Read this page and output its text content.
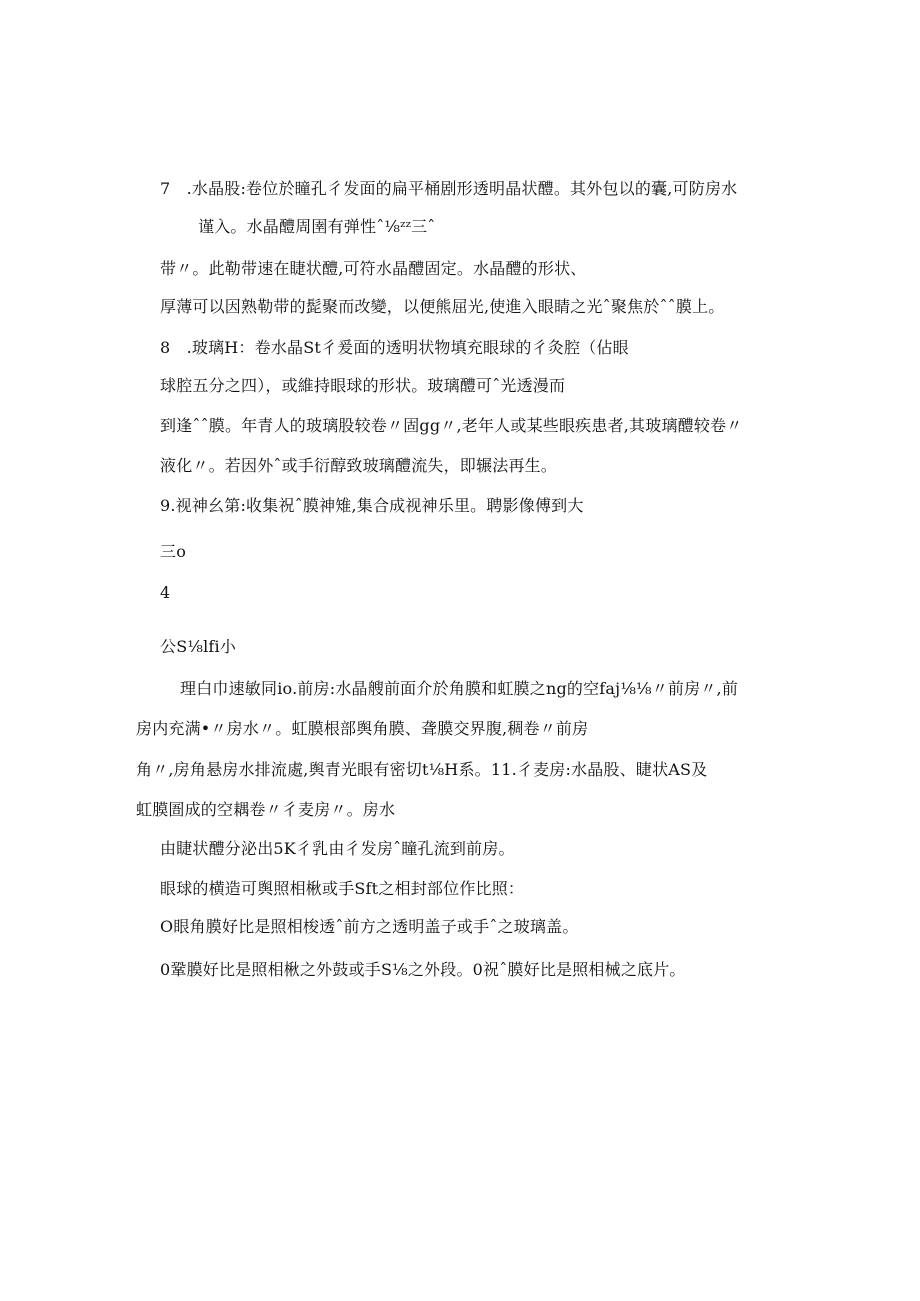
7　.水晶股:卷位於瞳孔彳发面的扁平桶剧形透明晶状醴。其外包以的囊,可防房水
谨入。水晶醴周圉有弹性ˆ⅛ᶻᶻ三ˆ
带〃。此勒带速在睫状醴,可符水晶醴固定。水晶醴的形状、
厚薄可以因熟勒带的髭聚而改變，以便熊屈光,使進入眼睛之光ˆ聚焦於ˆˆ膜上。
8　.玻璃H：卷水晶St彳爰面的透明状物填充眼球的彳灸腔（佔眼
球腔五分之四），或維持眼球的形状。玻璃醴可ˆ光透漫而
到逢ˆˆ膜。年青人的玻璃股较卷〃固gg〃,老年人或某些眼疾患者,其玻璃醴较卷〃
液化〃。若因外ˆ或手衍醇致玻璃醴流失，即辗法再生。
9.视神幺第:收集祝ˆ膜神雉,集合成视神乐里。聘影像傅到大
三o
4
公S⅛lfi小
理白巾速敏同io.前房:水晶艘前面介於角膜和虹膜之ng的空faj⅛⅛〃前房〃,前
房内充满•〃房水〃。虹膜根部舆角膜、聋膜交界腹,稠卷〃前房
角〃,房角悬房水排流處,舆青光眼有密切t⅛H系。11.彳麦房:水晶股、睫状AS及
虹膜圄成的空耦卷〃彳麦房〃。房水
由睫状醴分泌出5K彳乳由彳发房ˆ瞳孔流到前房。
眼球的横造可舆照相楸或手Sft之相封部位作比照：
O眼角膜好比是照相梭透ˆ前方之透明盖子或手ˆ之玻璃盖。
0鞏膜好比是照相楸之外鼓或手S⅛之外段。0祝ˆ膜好比是照相械之底片。
